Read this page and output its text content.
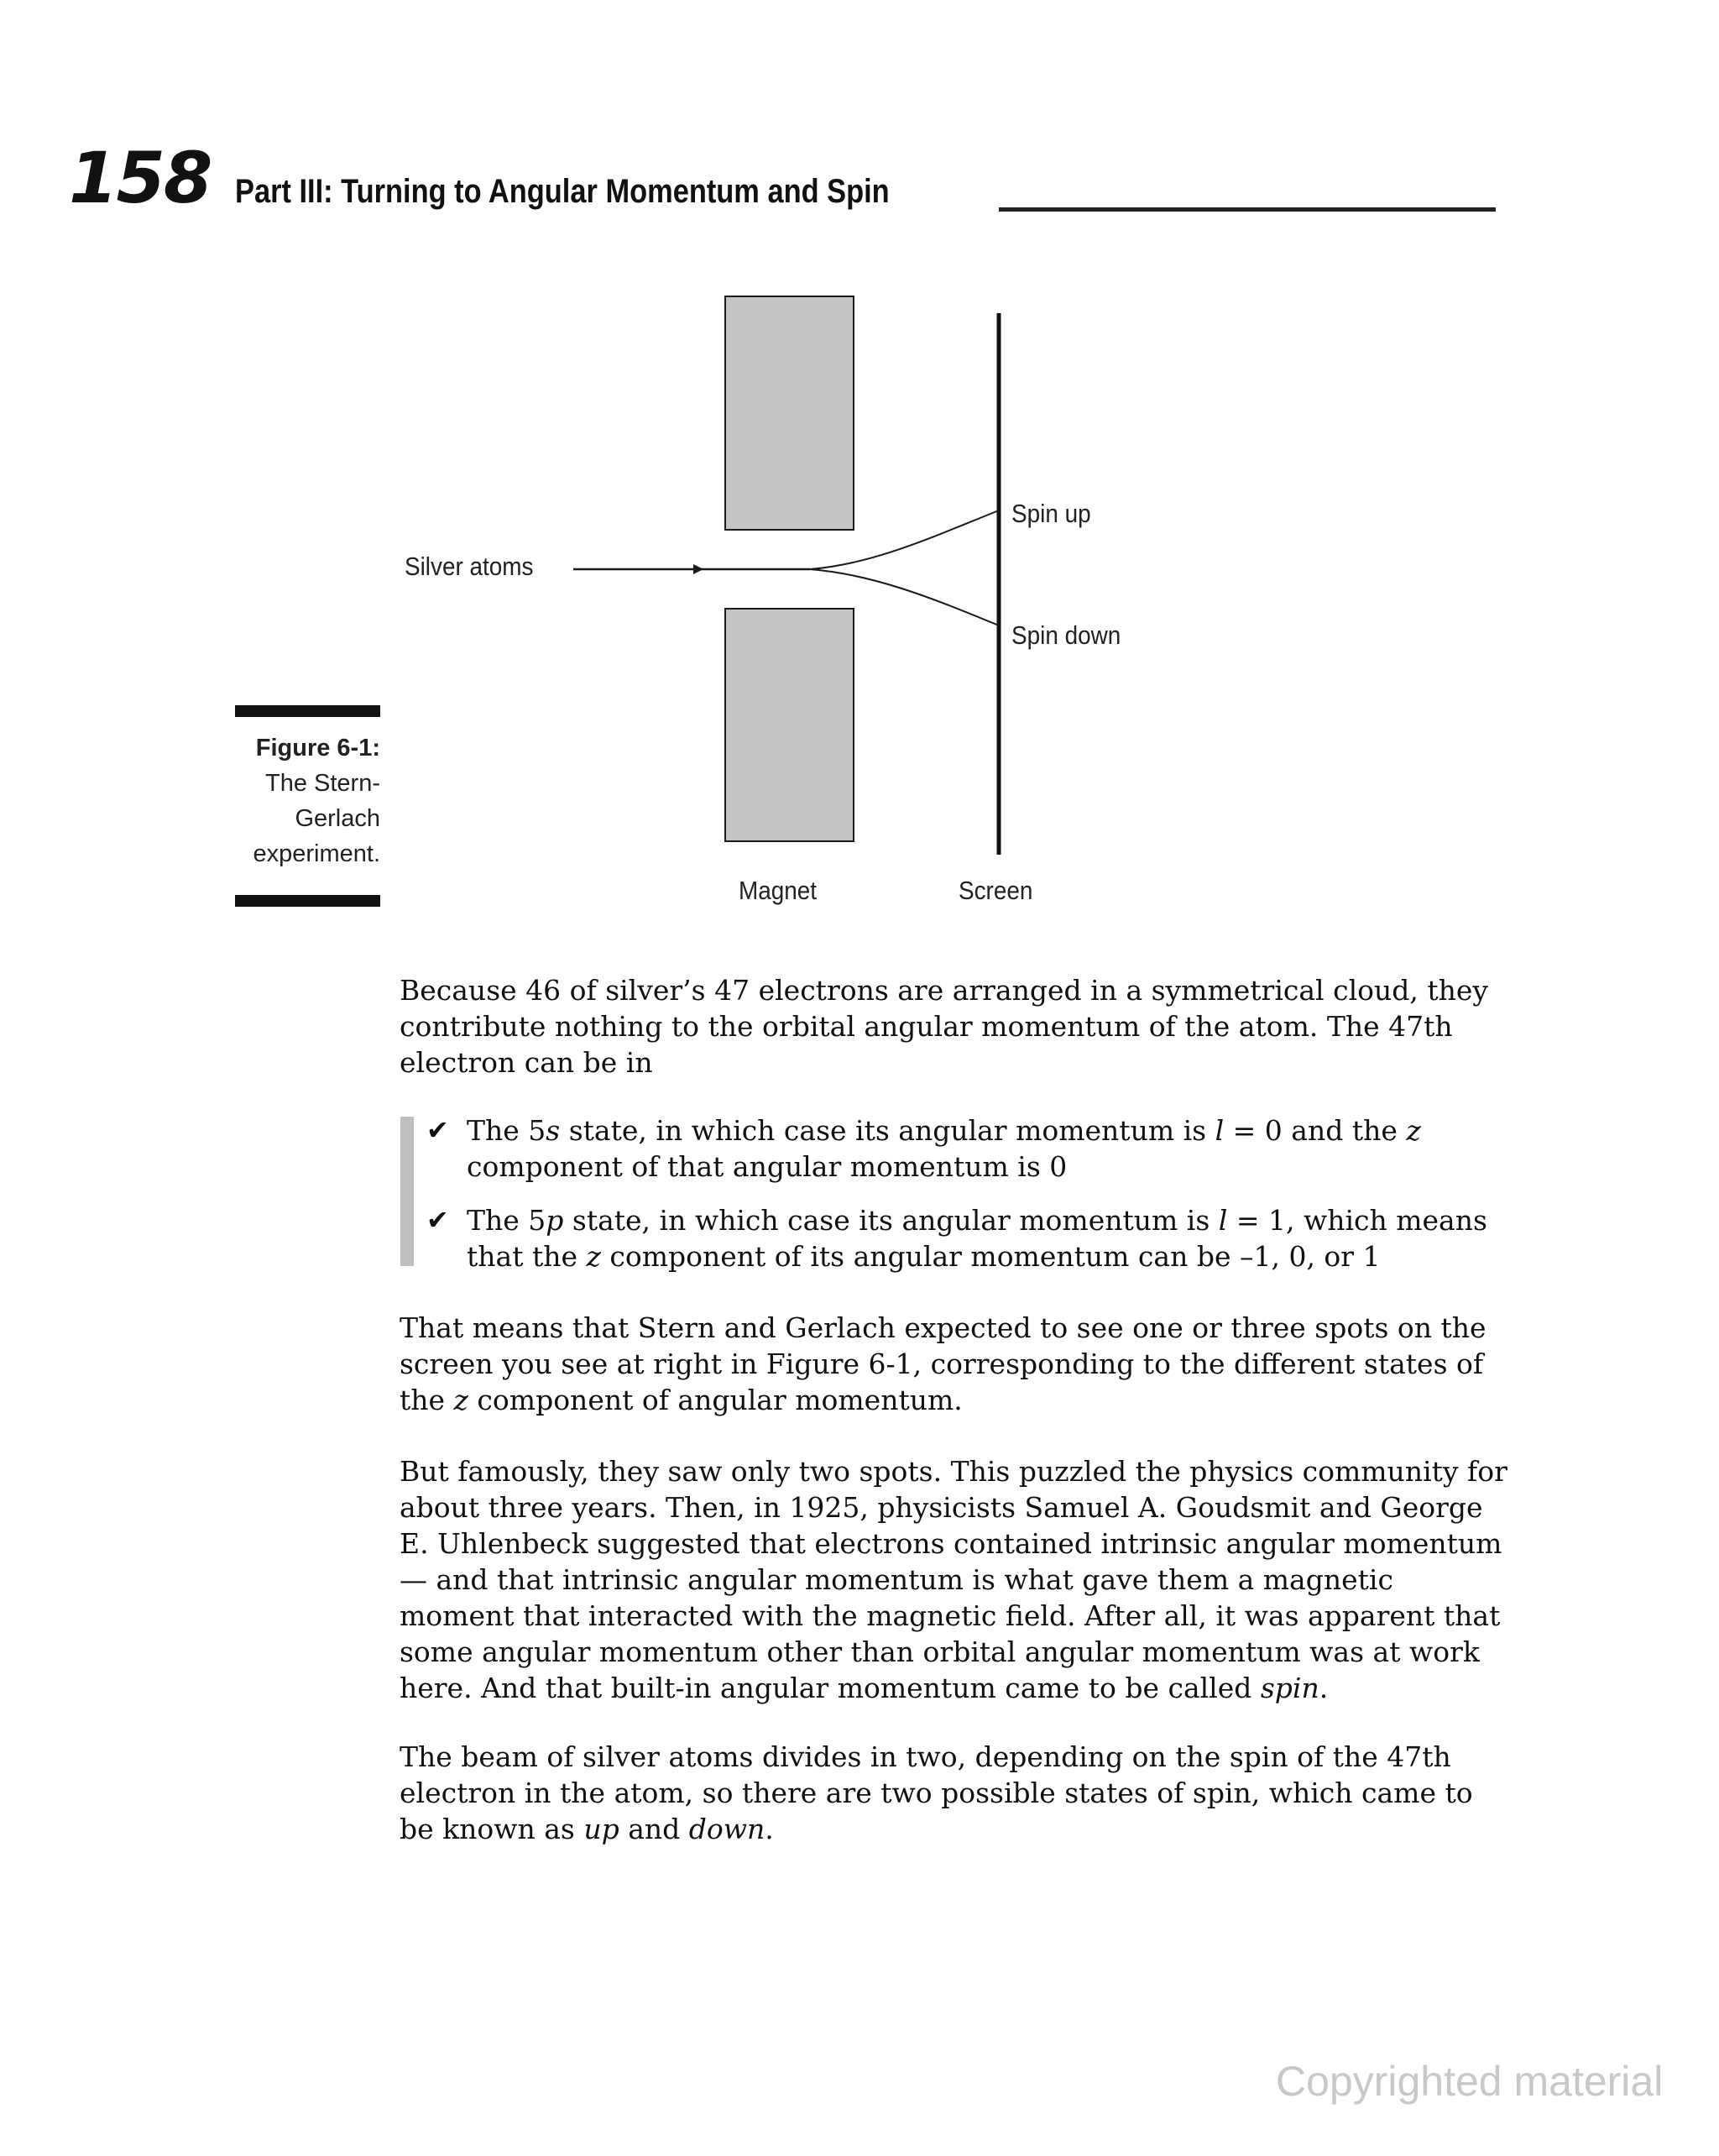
158 Part III: Turning to Angular Momentum and Spin
Silver atoms
Spin up
Spin down
Magnet	Screen
Figure 6-1:
The Stern-
Gerlach
experiment.

Because 46 of silver’s 47 electrons are arranged in a symmetrical cloud, they contribute nothing to the orbital angular momentum of the atom. The 47th electron can be in

✔ The 5s state, in which case its angular momentum is l = 0 and the z component of that angular momentum is 0
✔ The 5p state, in which case its angular momentum is l = 1, which means that the z component of its angular momentum can be –1, 0, or 1

That means that Stern and Gerlach expected to see one or three spots on the screen you see at right in Figure 6-1, corresponding to the different states of the z component of angular momentum.

But famously, they saw only two spots. This puzzled the physics community for about three years. Then, in 1925, physicists Samuel A. Goudsmit and George E. Uhlenbeck suggested that electrons contained intrinsic angular momentum — and that intrinsic angular momentum is what gave them a magnetic moment that interacted with the magnetic field. After all, it was apparent that some angular momentum other than orbital angular momentum was at work here. And that built-in angular momentum came to be called spin.

The beam of silver atoms divides in two, depending on the spin of the 47th electron in the atom, so there are two possible states of spin, which came to be known as up and down.

Copyrighted material
